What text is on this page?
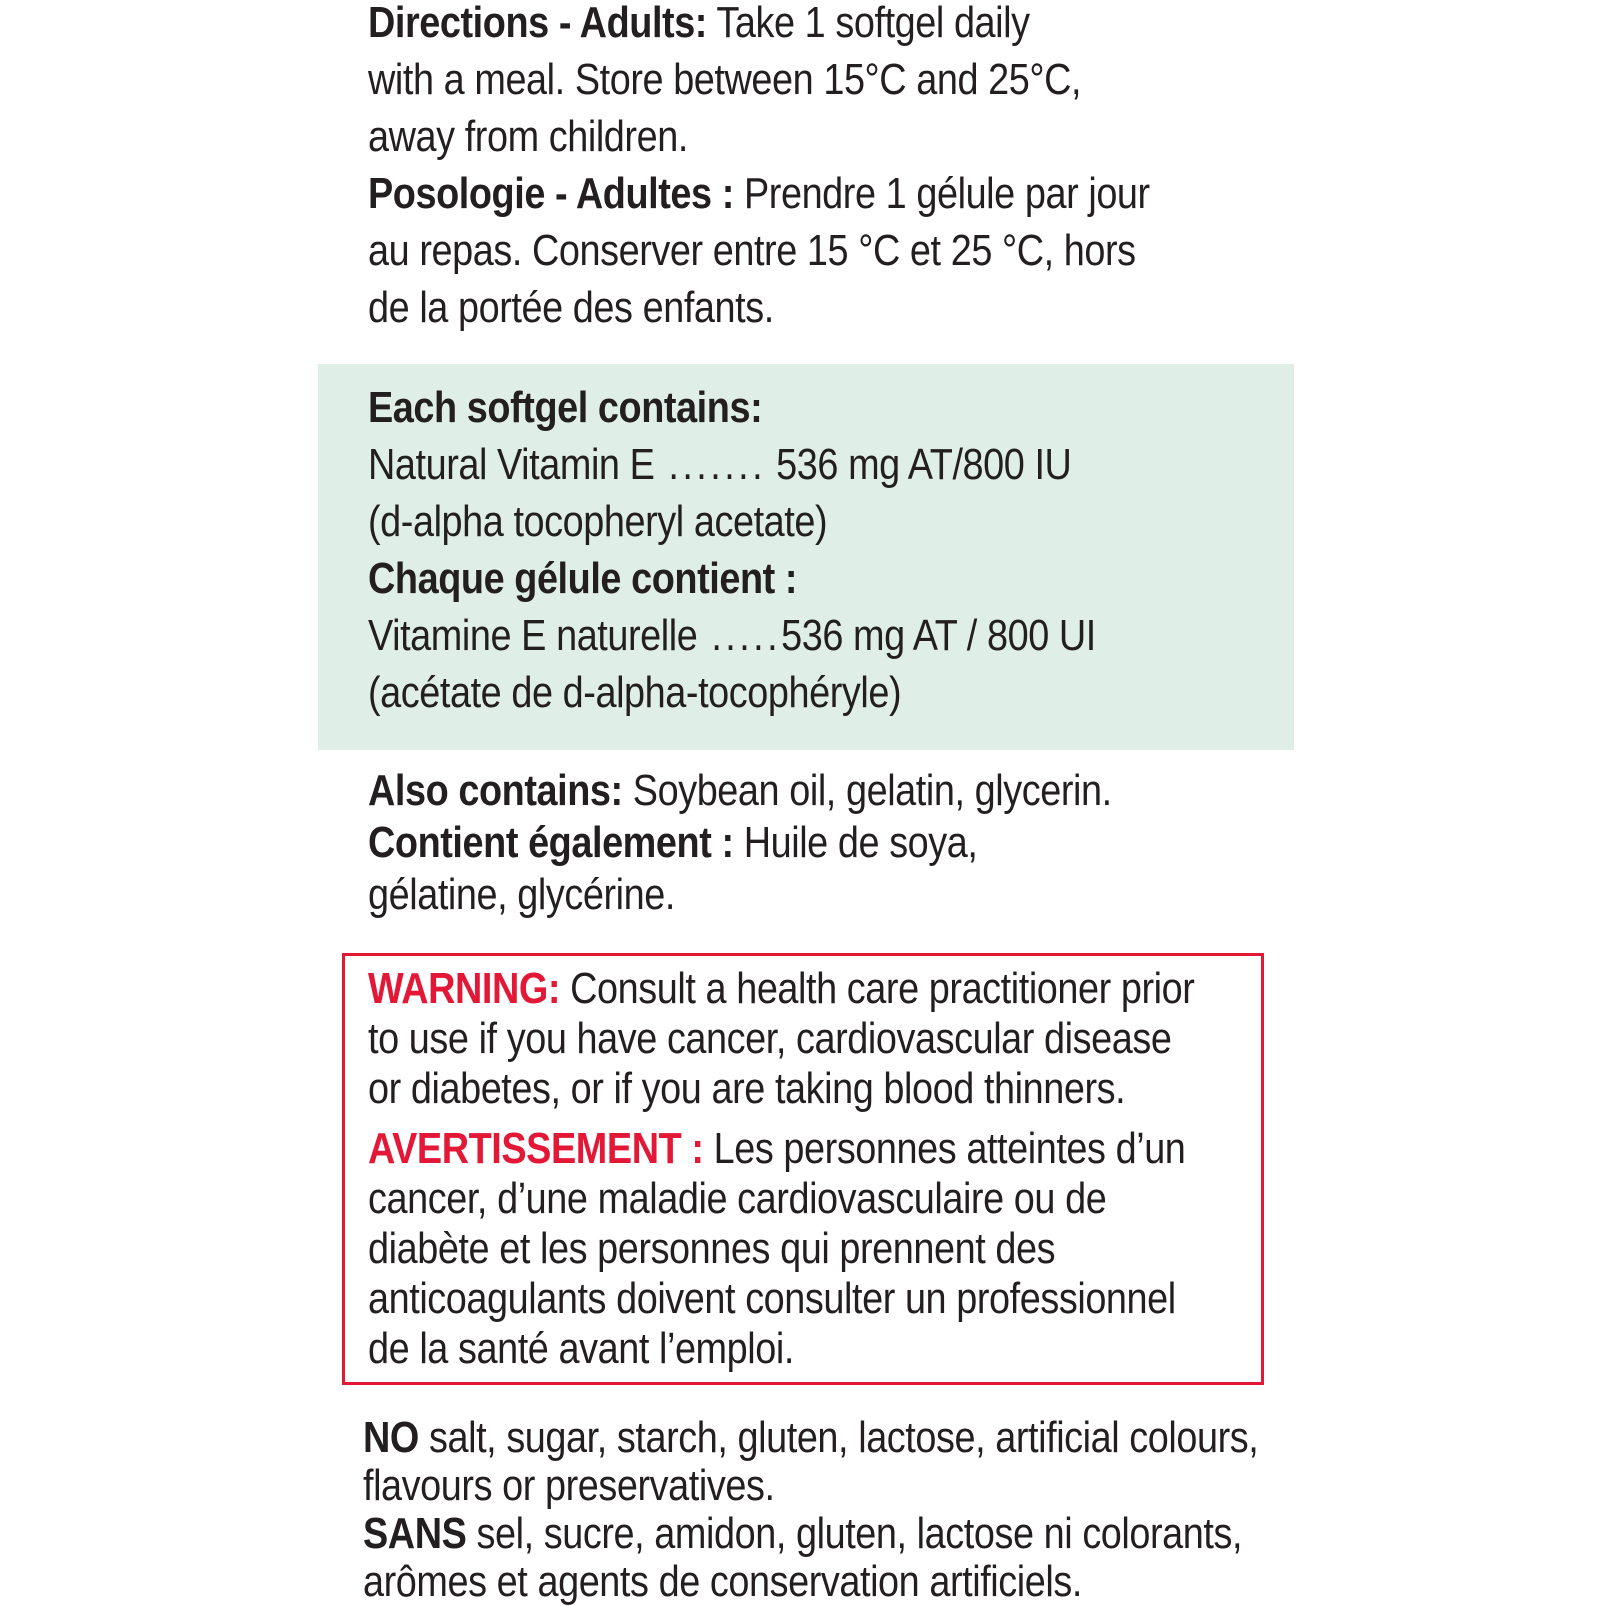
Directions - Adults: Take 1 softgel daily
with a meal. Store between 15°C and 25°C,
away from children.
Posologie - Adultes : Prendre 1 gélule par jour
au repas. Conserver entre 15 °C et 25 °C, hors
de la portée des enfants.
Each softgel contains:
Natural Vitamin E ....... 536 mg AT/800 IU
(d-alpha tocopheryl acetate)
Chaque gélule contient :
Vitamine E naturelle .....536 mg AT / 800 UI
(acétate de d-alpha-tocophéryle)
Also contains: Soybean oil, gelatin, glycerin.
Contient également : Huile de soya,
gélatine, glycérine.
WARNING: Consult a health care practitioner prior
to use if you have cancer, cardiovascular disease
or diabetes, or if you are taking blood thinners.
AVERTISSEMENT : Les personnes atteintes d’un
cancer, d’une maladie cardiovasculaire ou de
diabète et les personnes qui prennent des
anticoagulants doivent consulter un professionnel
de la santé avant l’emploi.
NO salt, sugar, starch, gluten, lactose, artificial colours,
flavours or preservatives.
SANS sel, sucre, amidon, gluten, lactose ni colorants,
arômes et agents de conservation artificiels.
